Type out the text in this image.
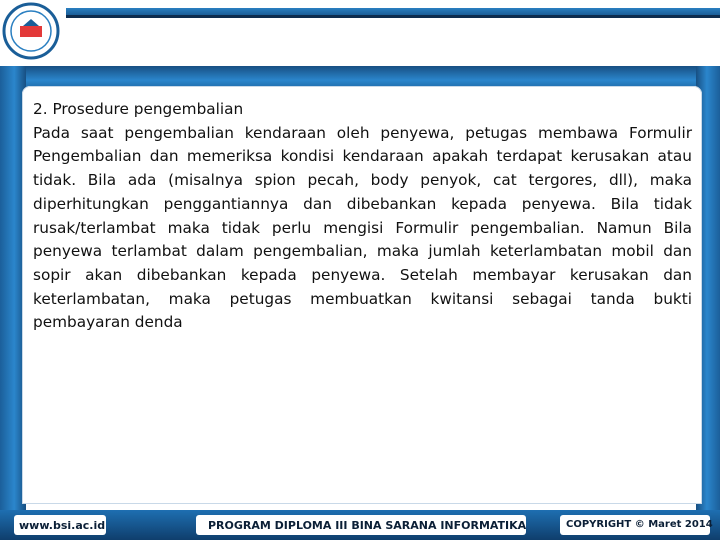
2. Prosedure pengembalian

Pada saat pengembalian kendaraan oleh penyewa, petugas membawa Formulir Pengembalian dan memeriksa kondisi kendaraan apakah terdapat kerusakan atau tidak. Bila ada (misalnya spion pecah, body penyok, cat tergores, dll), maka diperhitungkan penggantiannya dan dibebankan kepada penyewa. Bila tidak rusak/terlambat maka tidak perlu mengisi Formulir pengembalian. Namun Bila penyewa terlambat dalam pengembalian, maka jumlah keterlambatan mobil dan sopir akan dibebankan kepada penyewa. Setelah membayar kerusakan dan keterlambatan, maka petugas membuatkan kwitansi sebagai tanda bukti pembayaran denda

www.bsi.ac.id	PROGRAM DIPLOMA III BINA SARANA INFORMATIKA	COPYRIGHT © Maret 2014
